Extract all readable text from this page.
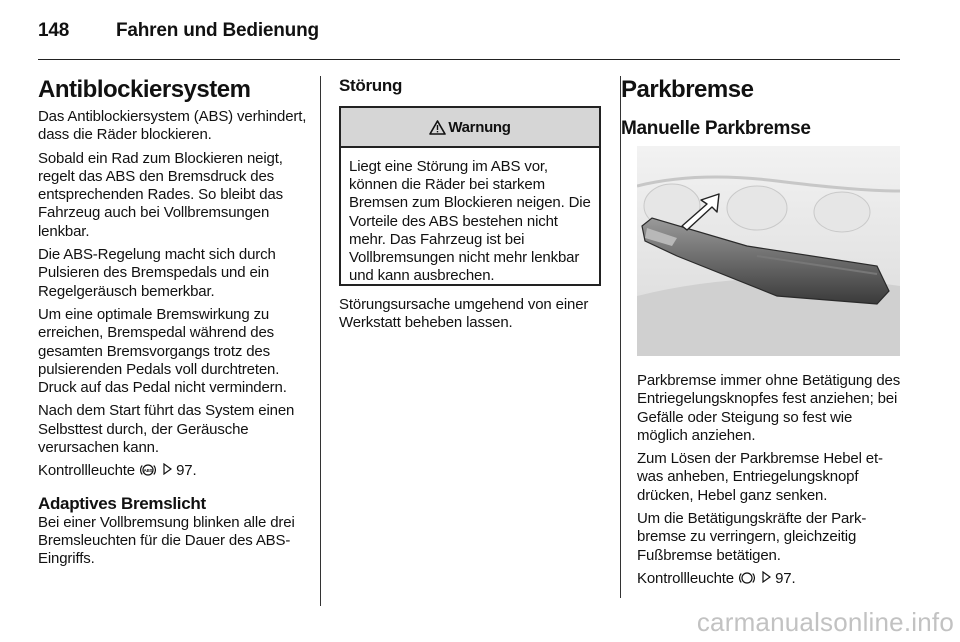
148 Fahren und Bedienung
Antiblockiersystem

Das Antiblockiersystem (ABS) verhindert, dass die Räder blockieren.

Sobald ein Rad zum Blockieren neigt, regelt das ABS den Bremsdruck des entsprechenden Rades. So bleibt das Fahrzeug auch bei Vollbremsungen lenkbar.

Die ABS-Regelung macht sich durch Pulsieren des Bremspedals und ein Regelgeräusch bemerkbar.

Um eine optimale Bremswirkung zu erreichen, Bremspedal während des gesamten Bremsvorgangs trotz des pulsierenden Pedals voll durchtreten. Druck auf das Pedal nicht vermindern.

Nach dem Start führt das System einen Selbsttest durch, der Geräusche verursachen kann.

Kontrollleuchte ABS 97.

Adaptives Bremslicht

Bei einer Vollbremsung blinken alle drei Bremsleuchten für die Dauer des ABS-Eingriffs.

Störung
Warnung

Liegt eine Störung im ABS vor, können die Räder bei starkem Bremsen zum Blockieren neigen. Die Vorteile des ABS bestehen nicht mehr. Das Fahrzeug ist bei Vollbremsungen nicht mehr lenkbar und kann ausbrechen.

Störungsursache umgehend von einer Werkstatt beheben lassen.

Parkbremse
Manuelle Parkbremse

Parkbremse immer ohne Betätigung des Entriegelungsknopfes fest anziehen; bei Gefälle oder Steigung so fest wie möglich anziehen.

Zum Lösen der Parkbremse Hebel etwas anheben, Entriegelungsknopf drücken, Hebel ganz senken.

Um die Betätigungskräfte der Parkbremse zu verringern, gleichzeitig Fußbremse betätigen.

Kontrollleuchte	97.

carmanualsonline.info
